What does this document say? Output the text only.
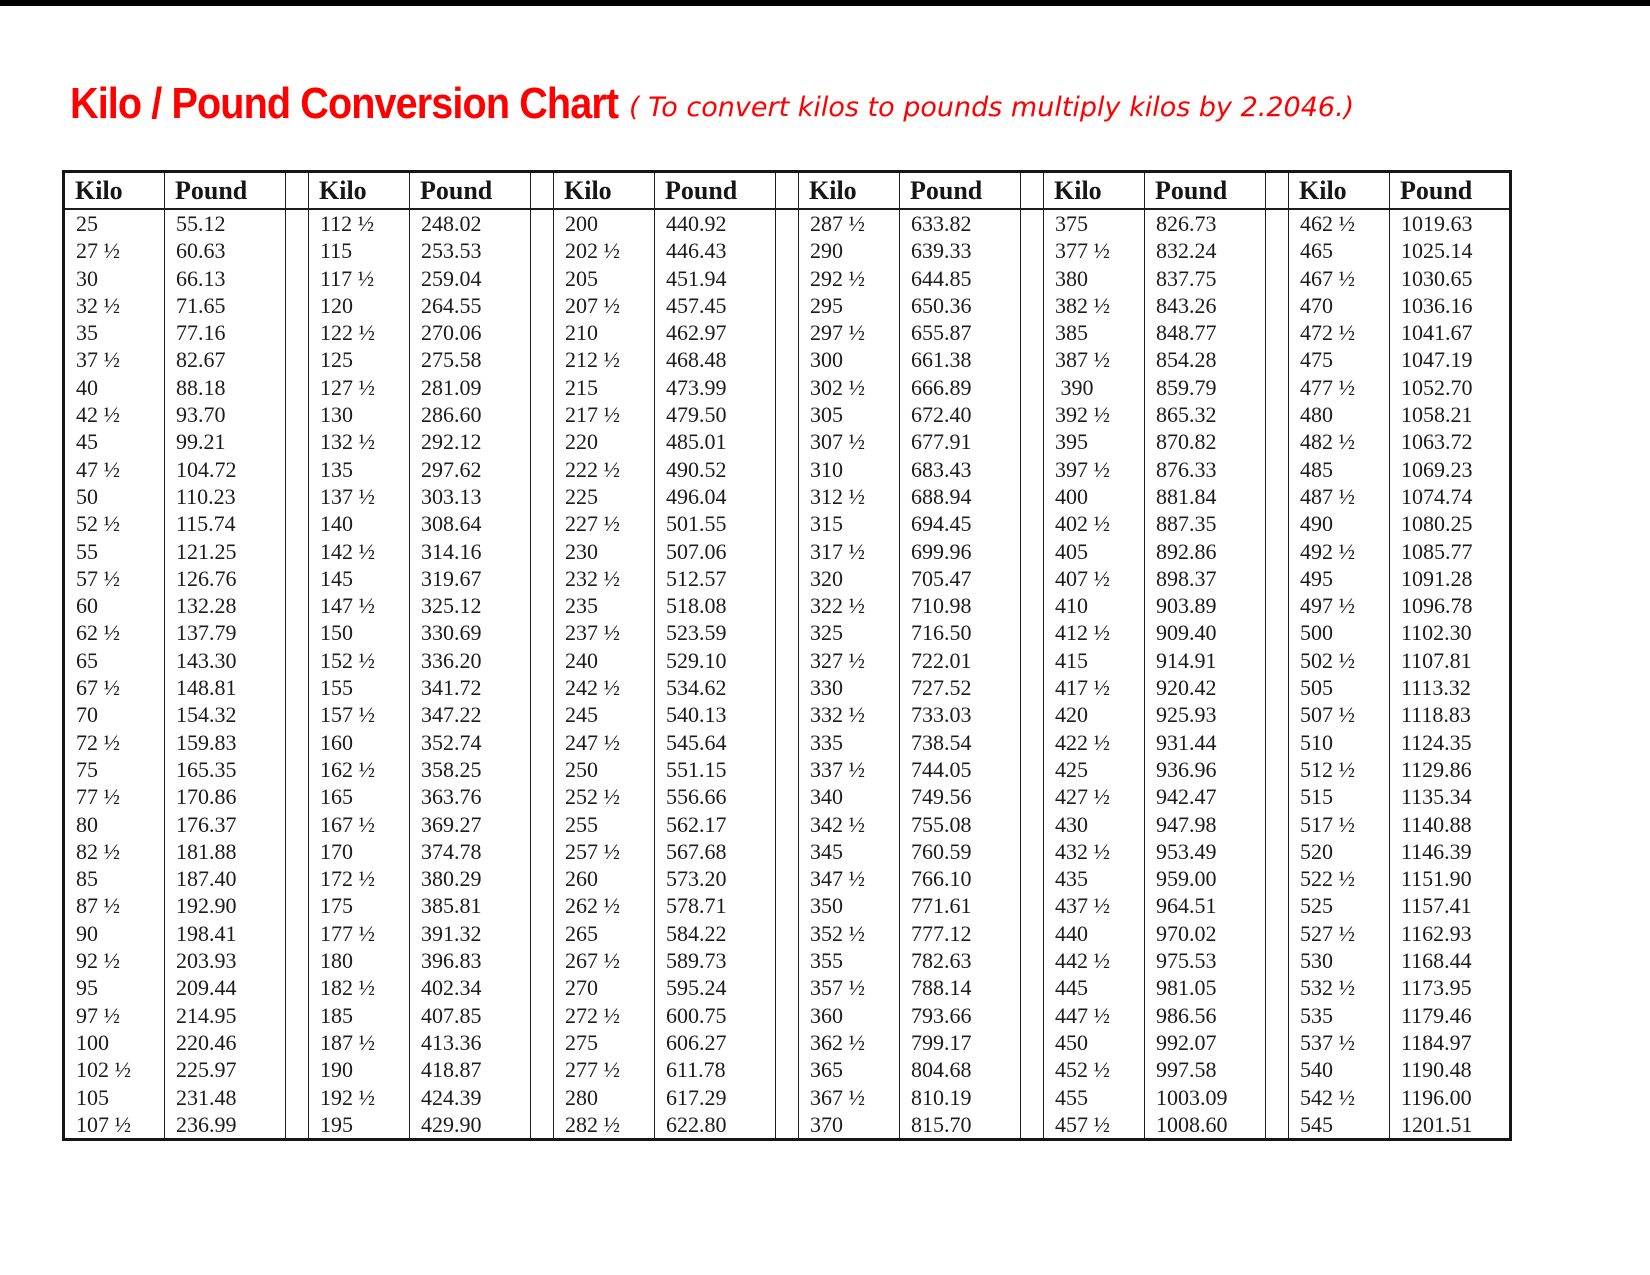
Kilo / Pound Conversion Chart ( To convert kilos to pounds multiply kilos by 2.2046.)
Kilo	Pound		Kilo	Pound		Kilo	Pound		Kilo	Pound		Kilo	Pound		Kilo	Pound
25	55.12		112 ½	248.02		200	440.92		287 ½	633.82		375	826.73		462 ½	1019.63
27 ½	60.63		115	253.53		202 ½	446.43		290	639.33		377 ½	832.24		465	1025.14
30	66.13		117 ½	259.04		205	451.94		292 ½	644.85		380	837.75		467 ½	1030.65
32 ½	71.65		120	264.55		207 ½	457.45		295	650.36		382 ½	843.26		470	1036.16
35	77.16		122 ½	270.06		210	462.97		297 ½	655.87		385	848.77		472 ½	1041.67
37 ½	82.67		125	275.58		212 ½	468.48		300	661.38		387 ½	854.28		475	1047.19
40	88.18		127 ½	281.09		215	473.99		302 ½	666.89		390	859.79		477 ½	1052.70
42 ½	93.70		130	286.60		217 ½	479.50		305	672.40		392 ½	865.32		480	1058.21
45	99.21		132 ½	292.12		220	485.01		307 ½	677.91		395	870.82		482 ½	1063.72
47 ½	104.72		135	297.62		222 ½	490.52		310	683.43		397 ½	876.33		485	1069.23
50	110.23		137 ½	303.13		225	496.04		312 ½	688.94		400	881.84		487 ½	1074.74
52 ½	115.74		140	308.64		227 ½	501.55		315	694.45		402 ½	887.35		490	1080.25
55	121.25		142 ½	314.16		230	507.06		317 ½	699.96		405	892.86		492 ½	1085.77
57 ½	126.76		145	319.67		232 ½	512.57		320	705.47		407 ½	898.37		495	1091.28
60	132.28		147 ½	325.12		235	518.08		322 ½	710.98		410	903.89		497 ½	1096.78
62 ½	137.79		150	330.69		237 ½	523.59		325	716.50		412 ½	909.40		500	1102.30
65	143.30		152 ½	336.20		240	529.10		327 ½	722.01		415	914.91		502 ½	1107.81
67 ½	148.81		155	341.72		242 ½	534.62		330	727.52		417 ½	920.42		505	1113.32
70	154.32		157 ½	347.22		245	540.13		332 ½	733.03		420	925.93		507 ½	1118.83
72 ½	159.83		160	352.74		247 ½	545.64		335	738.54		422 ½	931.44		510	1124.35
75	165.35		162 ½	358.25		250	551.15		337 ½	744.05		425	936.96		512 ½	1129.86
77 ½	170.86		165	363.76		252 ½	556.66		340	749.56		427 ½	942.47		515	1135.34
80	176.37		167 ½	369.27		255	562.17		342 ½	755.08		430	947.98		517 ½	1140.88
82 ½	181.88		170	374.78		257 ½	567.68		345	760.59		432 ½	953.49		520	1146.39
85	187.40		172 ½	380.29		260	573.20		347 ½	766.10		435	959.00		522 ½	1151.90
87 ½	192.90		175	385.81		262 ½	578.71		350	771.61		437 ½	964.51		525	1157.41
90	198.41		177 ½	391.32		265	584.22		352 ½	777.12		440	970.02		527 ½	1162.93
92 ½	203.93		180	396.83		267 ½	589.73		355	782.63		442 ½	975.53		530	1168.44
95	209.44		182 ½	402.34		270	595.24		357 ½	788.14		445	981.05		532 ½	1173.95
97 ½	214.95		185	407.85		272 ½	600.75		360	793.66		447 ½	986.56		535	1179.46
100	220.46		187 ½	413.36		275	606.27		362 ½	799.17		450	992.07		537 ½	1184.97
102 ½	225.97		190	418.87		277 ½	611.78		365	804.68		452 ½	997.58		540	1190.48
105	231.48		192 ½	424.39		280	617.29		367 ½	810.19		455	1003.09		542 ½	1196.00
107 ½	236.99		195	429.90		282 ½	622.80		370	815.70		457 ½	1008.60		545	1201.51
